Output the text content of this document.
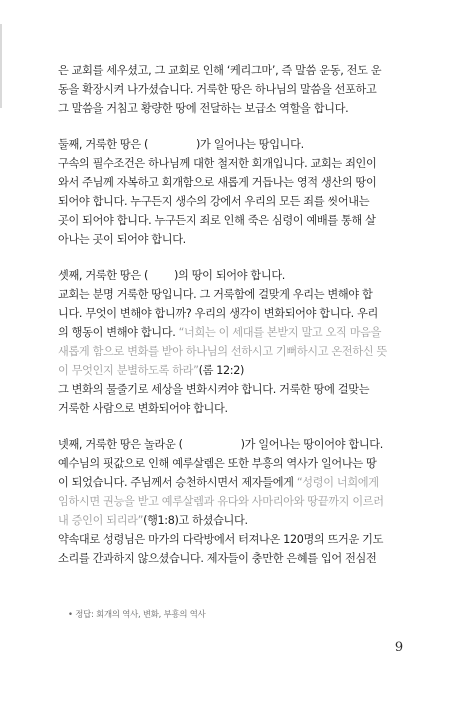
은 교회를 세우셨고, 그 교회로 인해 ‘케리그마’, 즉 말씀 운동, 전도 운
동을 확장시켜 나가셨습니다. 거룩한 땅은 하나님의 말씀을 선포하고
그 말씀을 거침고 황량한 땅에 전달하는 보급소 역할을 합니다.
둘째, 거룩한 땅은 (	)가 일어나는 땅입니다.
구속의 필수조건은 하나님께 대한 철저한 회개입니다. 교회는 죄인이
와서 주님께 자복하고 회개함으로 새롭게 거듭나는 영적 생산의 땅이
되어야 합니다. 누구든지 생수의 강에서 우리의 모든 죄를 씻어내는
곳이 되어야 합니다. 누구든지 죄로 인해 죽은 심령이 예배를 통해 살
아나는 곳이 되어야 합니다.
셋째, 거룩한 땅은 ( )의 땅이 되어야 합니다.
교회는 분명 거룩한 땅입니다. 그 거룩함에 걸맞게 우리는 변해야 합
니다. 무엇이 변해야 합니까? 우리의 생각이 변화되어야 합니다. 우리
의 행동이 변해야 합니다. “너희는 이 세대를 본받지 말고 오직 마음을
새롭게 함으로 변화를 받아 하나님의 선하시고 기뻐하시고 온전하신 뜻
이 무엇인지 분별하도록 하라”(롬 12:2)
그 변화의 물줄기로 세상을 변화시켜야 합니다. 거룩한 땅에 걸맞는
거룩한 사람으로 변화되어야 합니다.
넷째, 거룩한 땅은 놀라운 (	)가 일어나는 땅이어야 합니다.
예수님의 핏값으로 인해 예루살렘은 또한 부흥의 역사가 일어나는 땅
이 되었습니다. 주님께서 승천하시면서 제자들에게 “성령이 너희에게
임하시면 권능을 받고 예루살렘과 유다와 사마리아와 땅끝까지 이르러
내 증인이 되리라”(행1:8)고 하셨습니다.
약속대로 성령님은 마가의 다락방에서 터져나온 120명의 뜨거운 기도
소리를 간과하지 않으셨습니다. 제자들이 충만한 은혜를 입어 전심전
• 정답: 회개의 역사, 변화, 부흥의 역사
9
